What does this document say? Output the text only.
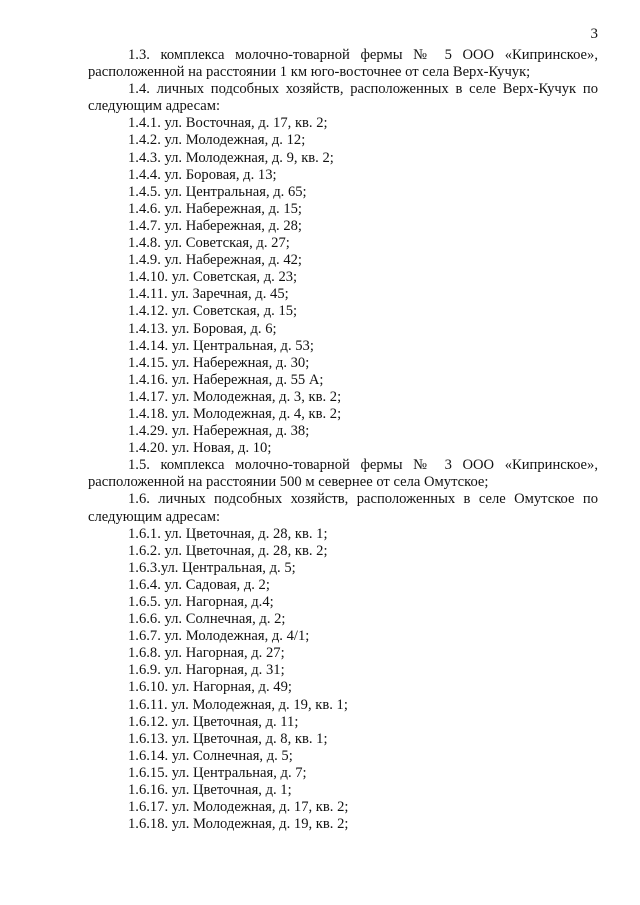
3

1.3. комплекса молочно-товарной фермы № 5 ООО «Кипринское», расположенной на расстоянии 1 км юго-восточнее от села Верх-Кучук;

1.4. личных подсобных хозяйств, расположенных в селе Верх-Кучук по следующим адресам:

1.4.1. ул. Восточная, д. 17, кв. 2;
1.4.2. ул. Молодежная, д. 12;
1.4.3. ул. Молодежная, д. 9, кв. 2;
1.4.4. ул. Боровая, д. 13;
1.4.5. ул. Центральная, д. 65;
1.4.6. ул. Набережная, д. 15;
1.4.7. ул. Набережная, д. 28;
1.4.8. ул. Советская, д. 27;
1.4.9. ул. Набережная, д. 42;
1.4.10. ул. Советская, д. 23;
1.4.11. ул. Заречная, д. 45;
1.4.12. ул. Советская, д. 15;
1.4.13. ул. Боровая, д. 6;
1.4.14. ул. Центральная, д. 53;
1.4.15. ул. Набережная, д. 30;
1.4.16. ул. Набережная, д. 55 А;
1.4.17. ул. Молодежная, д. 3, кв. 2;
1.4.18. ул. Молодежная, д. 4, кв. 2;
1.4.29. ул. Набережная, д. 38;
1.4.20. ул. Новая, д. 10;

1.5. комплекса молочно-товарной фермы № 3 ООО «Кипринское», расположенной на расстоянии 500 м севернее от села Омутское;

1.6. личных подсобных хозяйств, расположенных в селе Омутское по следующим адресам:

1.6.1. ул. Цветочная, д. 28, кв. 1;
1.6.2. ул. Цветочная, д. 28, кв. 2;
1.6.3.ул. Центральная, д. 5;
1.6.4. ул. Садовая, д. 2;
1.6.5. ул. Нагорная, д.4;
1.6.6. ул. Солнечная, д. 2;
1.6.7. ул. Молодежная, д. 4/1;
1.6.8. ул. Нагорная, д. 27;
1.6.9. ул. Нагорная, д. 31;
1.6.10. ул. Нагорная, д. 49;
1.6.11. ул. Молодежная, д. 19, кв. 1;
1.6.12. ул. Цветочная, д. 11;
1.6.13. ул. Цветочная, д. 8, кв. 1;
1.6.14. ул. Солнечная, д. 5;
1.6.15. ул. Центральная, д. 7;
1.6.16. ул. Цветочная, д. 1;
1.6.17. ул. Молодежная, д. 17, кв. 2;
1.6.18. ул. Молодежная, д. 19, кв. 2;
